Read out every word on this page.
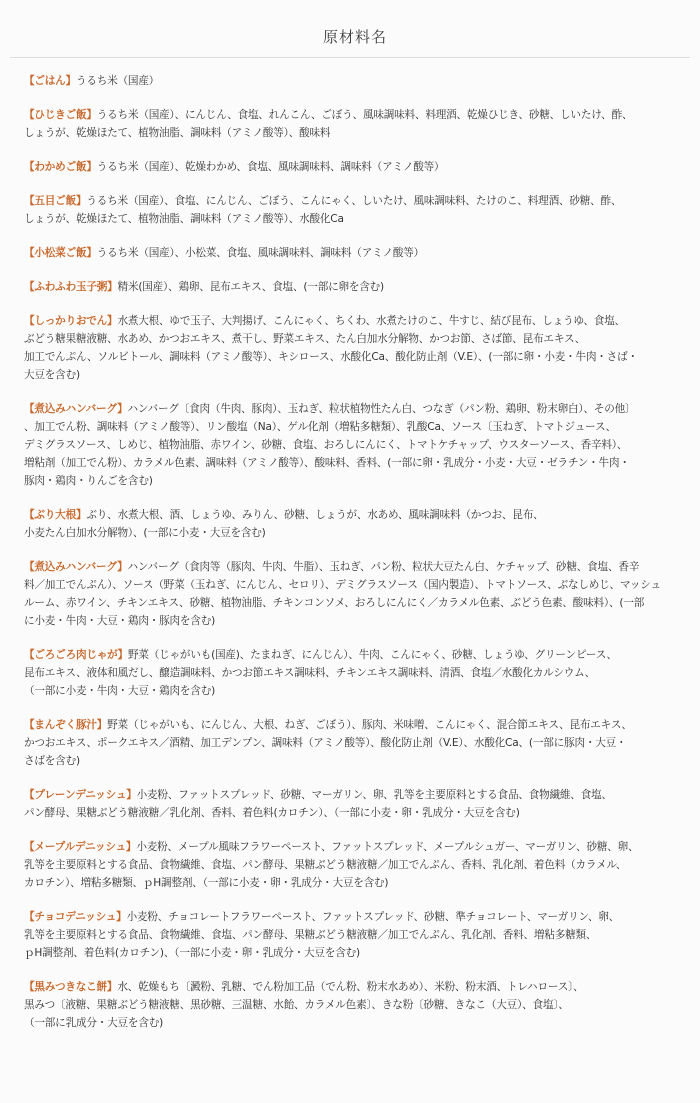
原材料名
【ごはん】うるち米（国産）
【ひじきご飯】うるち米（国産）、にんじん、食塩、れんこん、ごぼう、風味調味料、料理酒、乾燥ひじき、砂糖、しいたけ、酢、
しょうが、乾燥ほたて、植物油脂、調味料（アミノ酸等）、酸味料
【わかめご飯】うるち米（国産）、乾燥わかめ、食塩、風味調味料、調味料（アミノ酸等）
【五目ご飯】うるち米（国産）、食塩、にんじん、ごぼう、こんにゃく、しいたけ、風味調味料、たけのこ、料理酒、砂糖、酢、
しょうが、乾燥ほたて、植物油脂、調味料（アミノ酸等）、水酸化Ca
【小松菜ご飯】うるち米（国産）、小松菜、食塩、風味調味料、調味料（アミノ酸等）
【ふわふわ玉子粥】精米(国産）、鶏卵、昆布エキス、食塩、(一部に卵を含む)
【しっかりおでん】水煮大根、ゆで玉子、大判揚げ、こんにゃく、ちくわ、水煮たけのこ、牛すじ、結び昆布、しょうゆ、食塩、
ぶどう糖果糖液糖、水あめ、かつおエキス、煮干し、野菜エキス、たん白加水分解物、かつお節、さば節、昆布エキス、
加工でんぷん、ソルビトール、調味料（アミノ酸等）、キシロース、水酸化Ca、酸化防止剤（V.E）、(一部に卵・小麦・牛肉・さば・
大豆を含む)
【煮込みハンバーグ】ハンバーグ〔食肉（牛肉、豚肉）、玉ねぎ、粒状植物性たん白、つなぎ（パン粉、鶏卵、粉末卵白）、その他〕
、加工でん粉、調味料（アミノ酸等）、リン酸塩（Na）、ゲル化剤（増粘多糖類）、乳酸Ca、ソース〔玉ねぎ、トマトジュース、
デミグラスソース、しめじ、植物油脂、赤ワイン、砂糖、食塩、おろしにんにく、トマトケチャップ、ウスターソース、香辛料）、
増粘剤（加工でん粉）、カラメル色素、調味料（アミノ酸等）、酸味料、香料、(一部に卵・乳成分・小麦・大豆・ゼラチン・牛肉・
豚肉・鶏肉・りんごを含む)
【ぶり大根】ぶり、水煮大根、酒、しょうゆ、みりん、砂糖、しょうが、水あめ、風味調味料（かつお、昆布、
小麦たん白加水分解物）、(一部に小麦・大豆を含む)
【煮込みハンバーグ】ハンバーグ（食肉等（豚肉、牛肉、牛脂）、玉ねぎ、パン粉、粒状大豆たん白、ケチャップ、砂糖、食塩、香辛
料／加工でんぷん）、ソース（野菜（玉ねぎ、にんじん、セロリ）、デミグラスソース（国内製造）、トマトソース、ぶなしめじ、マッシュ
ルーム、赤ワイン、チキンエキス、砂糖、植物油脂、チキンコンソメ、おろしにんにく／カラメル色素、ぶどう色素、酸味料）、(一部
に小麦・牛肉・大豆・鶏肉・豚肉を含む)
【ごろごろ肉じゃが】野菜（じゃがいも(国産)、たまねぎ、にんじん）、牛肉、こんにゃく、砂糖、しょうゆ、グリーンピース、
昆布エキス、液体和風だし、醸造調味料、かつお節エキス調味料、チキンエキス調味料、清酒、食塩／水酸化カルシウム、
（一部に小麦・牛肉・大豆・鶏肉を含む)
【まんぞく豚汁】野菜（じゃがいも、にんじん、大根、ねぎ、ごぼう）、豚肉、米味噌、こんにゃく、混合節エキス、昆布エキス、
かつおエキス、ポークエキス／酒精、加工デンプン、調味料（アミノ酸等）、酸化防止剤（V.E）、水酸化Ca、(一部に豚肉・大豆・
さばを含む)
【プレーンデニッシュ】小麦粉、ファットスプレッド、砂糖、マーガリン、卵、乳等を主要原料とする食品、食物繊維、食塩、
パン酵母、果糖ぶどう糖液糖／乳化剤、香料、着色料(カロチン）、（一部に小麦・卵・乳成分・大豆を含む)
【メープルデニッシュ】小麦粉、メープル風味フラワーペースト、ファットスプレッド、メープルシュガー、マーガリン、砂糖、卵、
乳等を主要原料とする食品、食物繊維、食塩、パン酵母、果糖ぶどう糖液糖／加工でんぷん、香料、乳化剤、着色料（カラメル、
カロチン）、増粘多糖類、ｐH調整剤、（一部に小麦・卵・乳成分・大豆を含む)
【チョコデニッシュ】小麦粉、チョコレートフラワーペースト、ファットスプレッド、砂糖、準チョコレート、マーガリン、卵、
乳等を主要原料とする食品、食物繊維、食塩、パン酵母、果糖ぶどう糖液糖／加工でんぷん、乳化剤、香料、増粘多糖類、
ｐH調整剤、着色料(カロチン)、（一部に小麦・卵・乳成分・大豆を含む)
【黒みつきなこ餅】水、乾燥もち〔澱粉、乳糖、でん粉加工品（でん粉、粉末水あめ）、米粉、粉末酒、トレハロース〕、
黒みつ〔液糖、果糖ぶどう糖液糖、黒砂糖、三温糖、水飴、カラメル色素〕、きな粉〔砂糖、きなこ（大豆）、食塩〕、
（一部に乳成分・大豆を含む)
